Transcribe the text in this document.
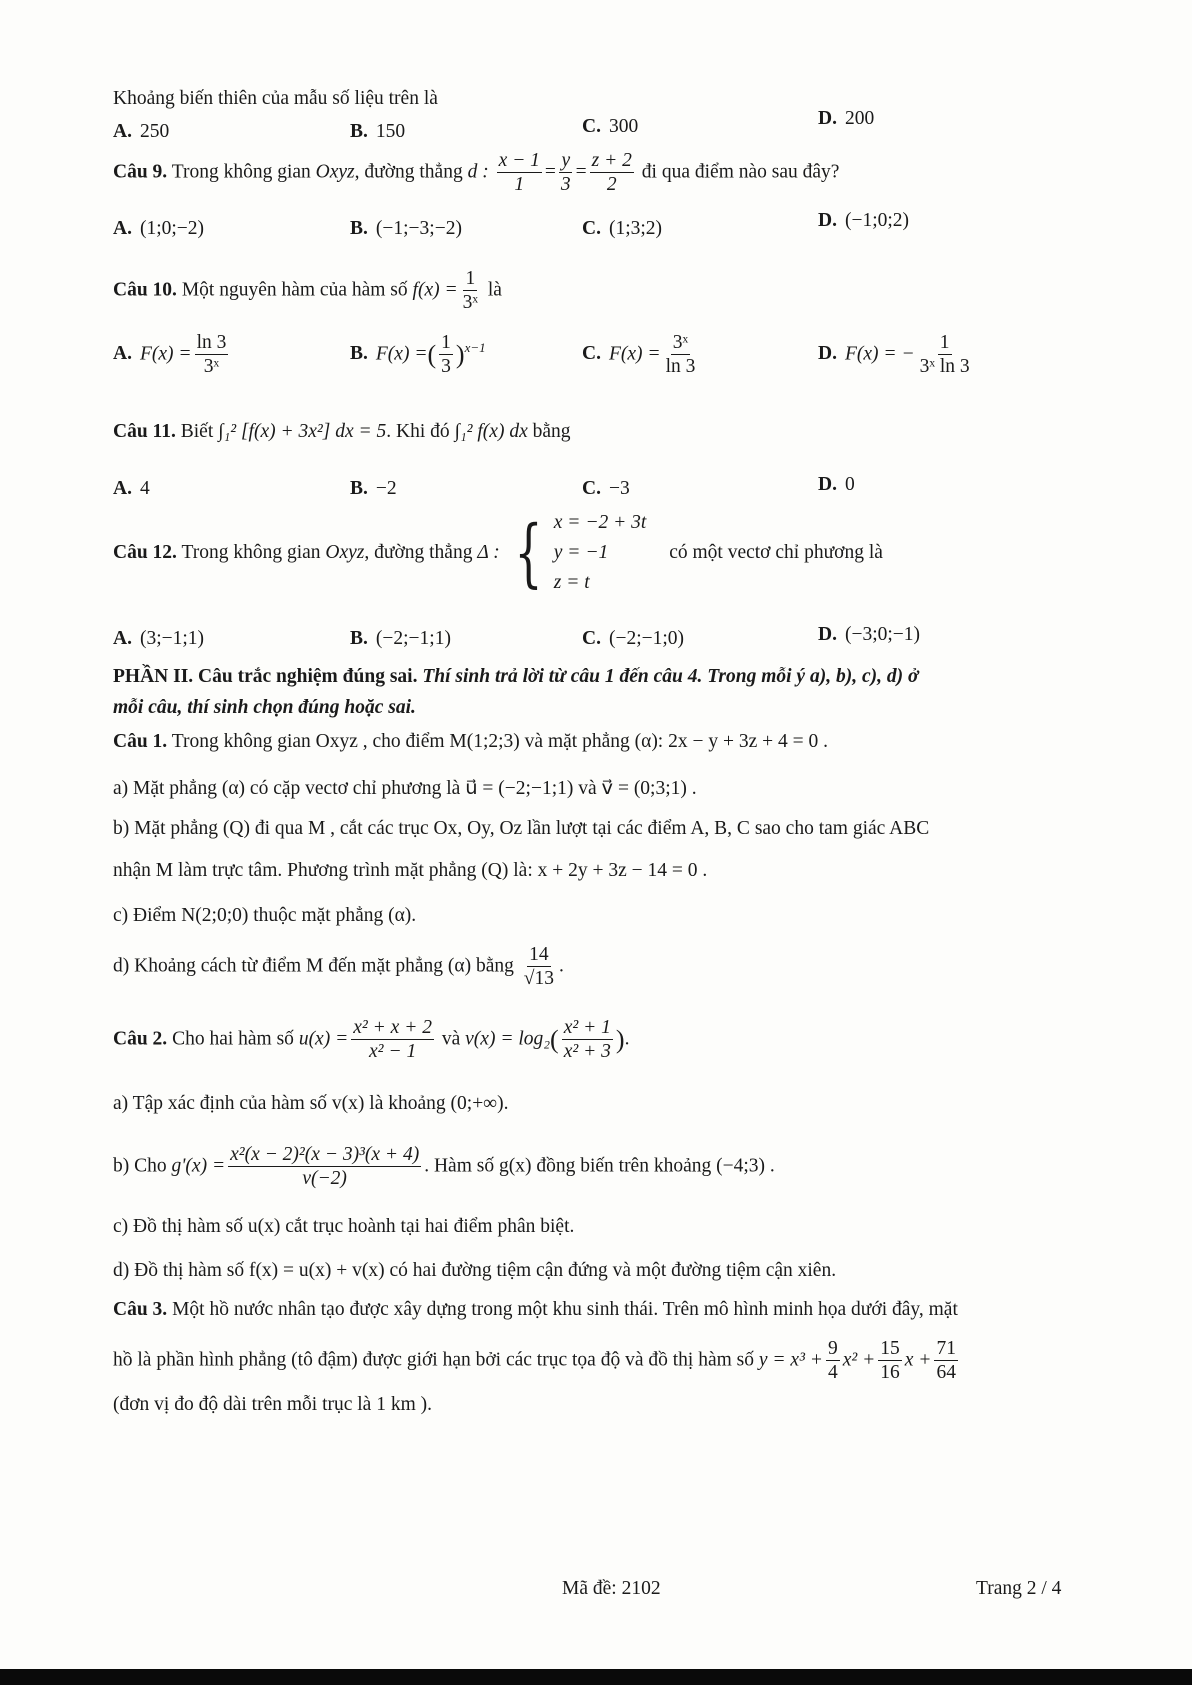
Khoảng biến thiên của mẫu số liệu trên là
A. 250	B. 150	C. 300	D. 200
Câu 9. Trong không gian Oxyz, đường thẳng d : $\frac{x - 1}{1} = \frac{y}{3} = \frac{z + 2}{2}$ đi qua điểm nào sau đây?
A. (1;0;−2)	B. (−1;−3;−2)	C. (1;3;2)	D. (−1;0;2)
Câu 10. Một nguyên hàm của hàm số $f(x) = \frac{1}{\text{3ˣ}}$ là
A. $F(x) = \frac{\ln 3}{\text{3ˣ}}$	B. F(x) =( $\frac{1}{3} )^{x-1}$	C. $F(x) = \frac{\text{3ˣ}}{\ln 3}$	D. F(x) = − $\frac{1}{\text{3ˣ ln 3}}$
Câu 11. Biết ∫₁² [f(x) + 3x²] dx = 5. Khi đó ∫₁² f(x) dx bằng
A. 4	B. −2	C. −3	D. 0
Câu 12. Trong không gian Oxyz, đường thẳng Δ : { x = −2 + 3t
y = −1
z = t
có một vectơ chỉ phương là
A. (3;−1;1)	B. (−2;−1;1)	C. (−2;−1;0)	D. (−3;0;−1)
PHẦN II. Câu trắc nghiệm đúng sai. Thí sinh trả lời từ câu 1 đến câu 4. Trong mỗi ý a), b), c), d) ở
mỗi câu, thí sinh chọn đúng hoặc sai.
Câu 1. Trong không gian Oxyz , cho điểm M(1;2;3) và mặt phẳng (α): 2x − y + 3z + 4 = 0 .
a) Mặt phẳng (α) có cặp vectơ chỉ phương là u⃗ = (−2;−1;1) và v⃗ = (0;3;1) .
b) Mặt phẳng (Q) đi qua M , cắt các trục Ox, Oy, Oz lần lượt tại các điểm A, B, C sao cho tam giác ABC
nhận M làm trực tâm. Phương trình mặt phẳng (Q) là: x + 2y + 3z − 14 = 0 .
c) Điểm N(2;0;0) thuộc mặt phẳng (α).
d) Khoảng cách từ điểm M đến mặt phẳng (α) bằng $\frac{14}{√13}$ .
Câu 2. Cho hai hàm số $u(x) = \frac{\text{x² + x + 2}}{\text{x² − 1}}$ và $v(x) = \log_2( \frac{\text{x² + 1}}{\text{x² + 3}}$ ).
a) Tập xác định của hàm số v(x) là khoảng (0;+∞).
b) Cho $g'(x) = \frac{\text{x²(x − 2)²(x − 3)³(x + 4)}}{v(-2)}$ . Hàm số g(x) đồng biến trên khoảng (−4;3) .
c) Đồ thị hàm số u(x) cắt trục hoành tại hai điểm phân biệt.
d) Đồ thị hàm số f(x) = u(x) + v(x) có hai đường tiệm cận đứng và một đường tiệm cận xiên.
Câu 3. Một hồ nước nhân tạo được xây dựng trong một khu sinh thái. Trên mô hình minh họa dưới đây, mặt
hồ là phần hình phẳng (tô đậm) được giới hạn bởi các trục tọa độ và đồ thị hàm số $y = x^3 + \frac{9}{4} x^2 + \frac{15}{16}$ $x + \frac{71}{64}$
(đơn vị đo độ dài trên mỗi trục là 1 km ).
Mã đề: 2102	Trang 2 / 4
